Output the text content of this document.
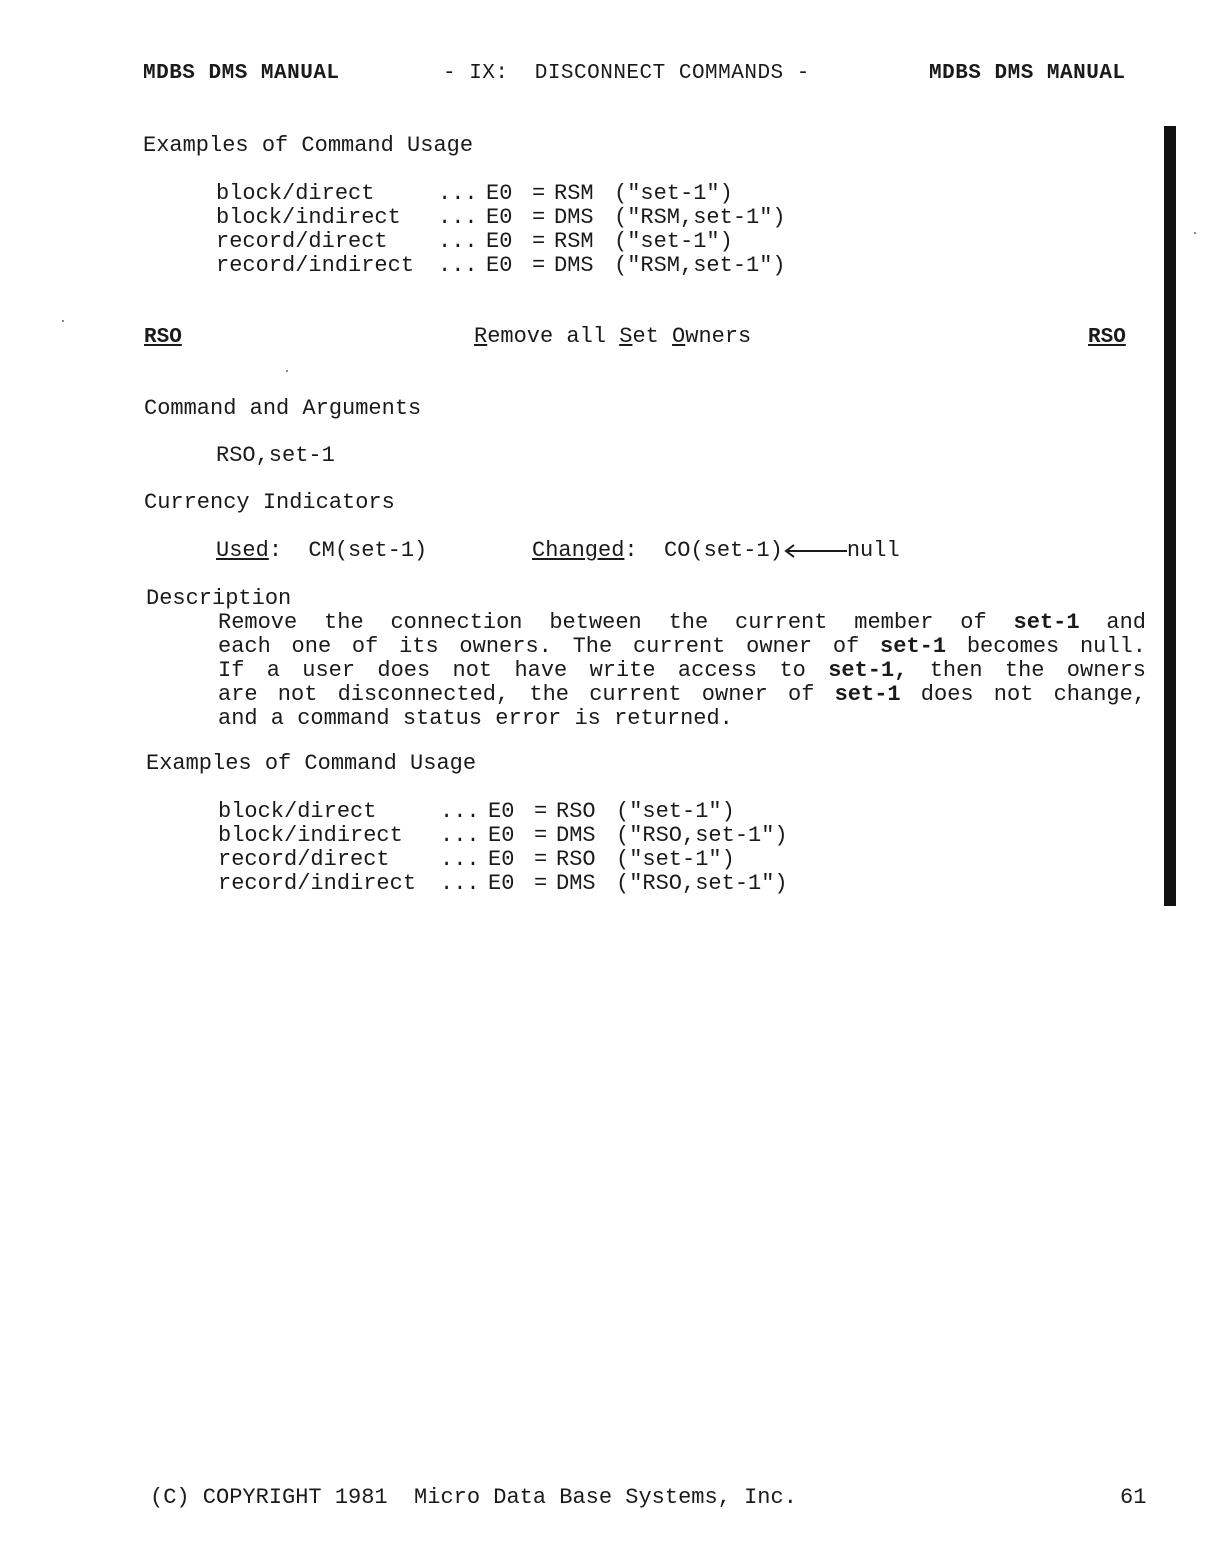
MDBS DMS MANUAL	- IX:  DISCONNECT COMMANDS -	MDBS DMS MANUAL
Examples of Command Usage
block/direct	... E0 = RSM ("set-1")
block/indirect ... E0 = DMS ("RSM,set-1")
record/direct ... E0 = RSM ("set-1")
record/indirect ... E0 = DMS ("RSM,set-1")
RSO	Remove all Set Owners	RSO
Command and Arguments
RSO,set-1
Currency Indicators
Used:  CM(set-1)	Changed:  CO(set-1)	null
Description
Remove the connection between the current member of set-1 and
each one of its owners. The current owner of set-1 becomes null.
If a user does not have write access to set-1, then the owners
are not disconnected, the current owner of set-1 does not change,
and a command status error is returned.
Examples of Command Usage
block/direct	... E0 = RSO ("set-1")
block/indirect ... E0 = DMS ("RSO,set-1")
record/direct ... E0 = RSO ("set-1")
record/indirect ... E0 = DMS ("RSO,set-1")
(C) COPYRIGHT 1981  Micro Data Base Systems, Inc.	61
